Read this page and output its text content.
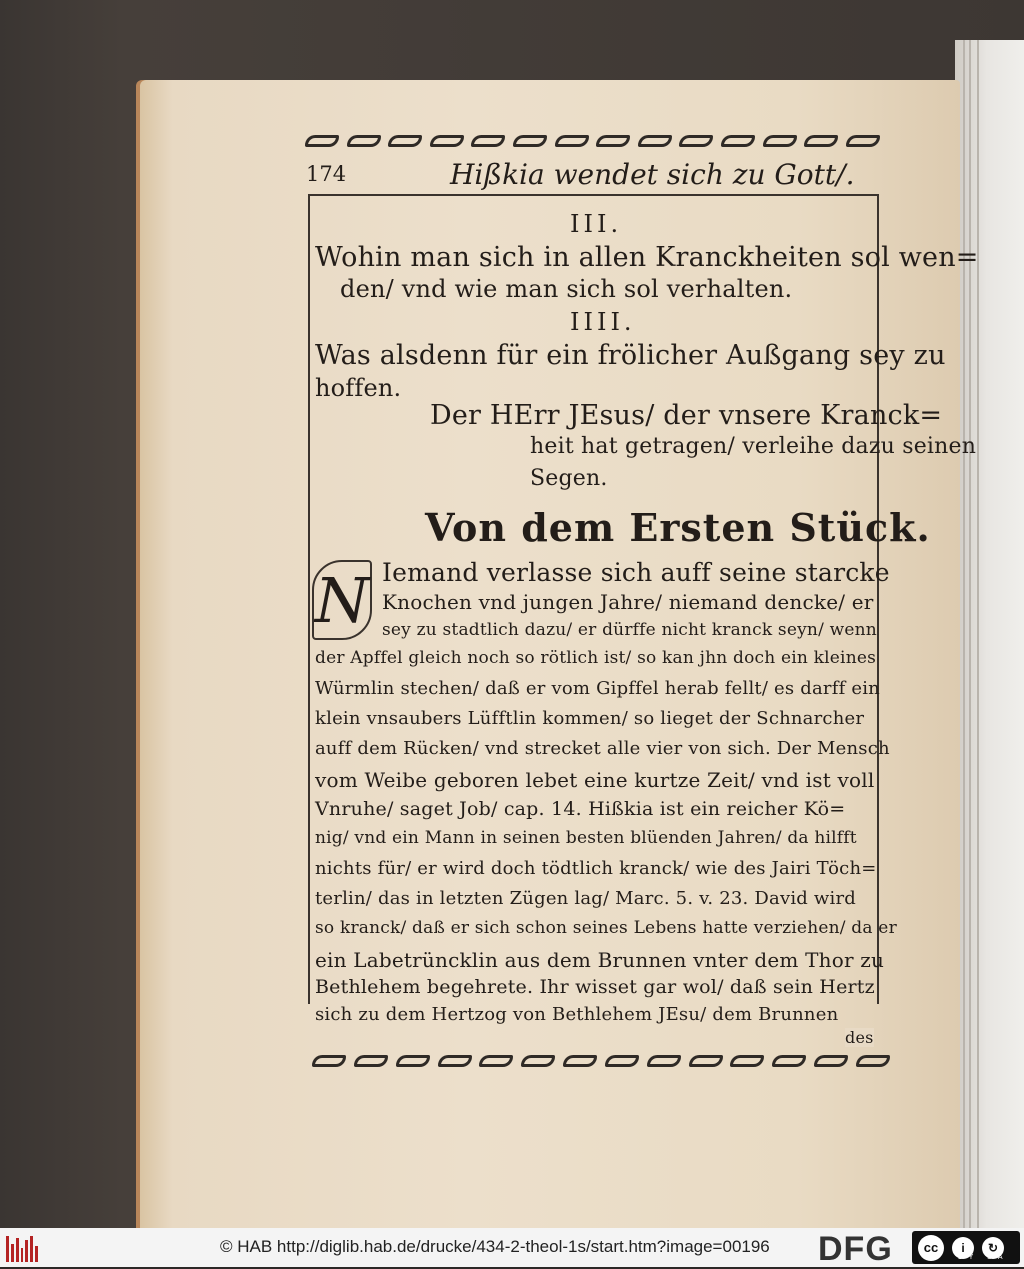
174	Hißkia wendet sich zu Gott/.
III.
Wohin man sich in allen Kranckheiten sol wen=
den/ vnd wie man sich sol verhalten.
IIII.
Was alsdenn für ein frölicher Außgang sey zu
hoffen.
Der HErr JEsus/ der vnsere Kranck=
heit hat getragen/ verleihe dazu seinen
Segen.
Von dem Ersten Stück.
N Iemand verlasse sich auff seine starcke
Knochen vnd jungen Jahre/ niemand dencke/ er
sey zu stadtlich dazu/ er dürffe nicht kranck seyn/ wenn
der Apffel gleich noch so rötlich ist/ so kan jhn doch ein kleines
Würmlin stechen/ daß er vom Gipffel herab fellt/ es darff ein
klein vnsaubers Lüfftlin kommen/ so lieget der Schnarcher
auff dem Rücken/ vnd strecket alle vier von sich. Der Mensch
vom Weibe geboren lebet eine kurtze Zeit/ vnd ist voll
Vnruhe/ saget Job/ cap. 14. Hißkia ist ein reicher Kö=
nig/ vnd ein Mann in seinen besten blüenden Jahren/ da hilfft
nichts für/ er wird doch tödtlich kranck/ wie des Jairi Töch=
terlin/ das in letzten Zügen lag/ Marc. 5. v. 23. David wird
so kranck/ daß er sich schon seines Lebens hatte verziehen/ da er
ein Labetrüncklin aus dem Brunnen vnter dem Thor zu
Bethlehem begehrete. Ihr wisset gar wol/ daß sein Hertz
sich zu dem Hertzog von Bethlehem JEsu/ dem Brunnen
des
© HAB http://diglib.hab.de/drucke/434-2-theol-1s/start.htm?image=00196 DFG	cc	i	↻
BY SA
